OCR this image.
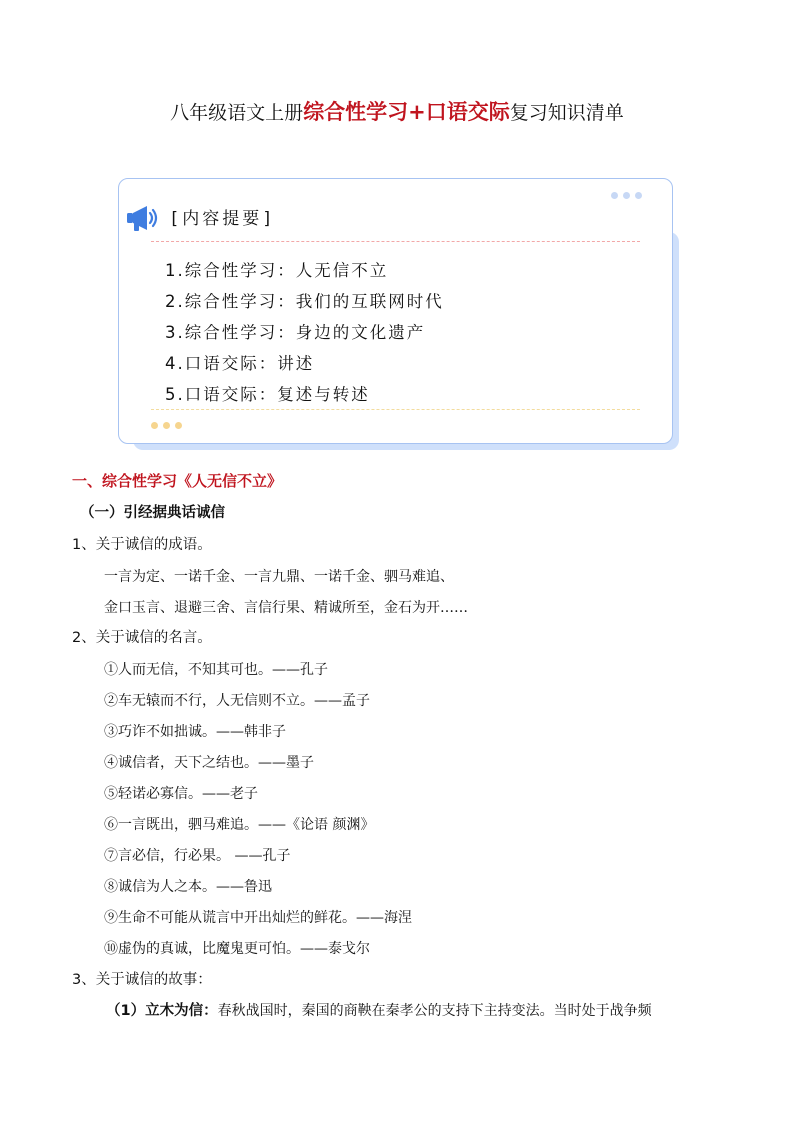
八年级语文上册综合性学习+口语交际复习知识清单
[内容提要]
1.综合性学习：人无信不立
2.综合性学习：我们的互联网时代
3.综合性学习：身边的文化遗产
4.口语交际：讲述
5.口语交际：复述与转述
一、综合性学习《人无信不立》
（一）引经据典话诚信
1、关于诚信的成语。
一言为定、一诺千金、一言九鼎、一诺千金、驷马难追、
金口玉言、退避三舍、言信行果、精诚所至，金石为开……
2、关于诚信的名言。
①人而无信，不知其可也。——孔子
②车无辕而不行，人无信则不立。——孟子
③巧诈不如拙诚。——韩非子
④诚信者，天下之结也。——墨子
⑤轻诺必寡信。——老子
⑥一言既出，驷马难追。——《论语 颜渊》
⑦言必信，行必果。 ——孔子
⑧诚信为人之本。——鲁迅
⑨生命不可能从谎言中开出灿烂的鲜花。——海涅
⑩虚伪的真诚，比魔鬼更可怕。——泰戈尔
3、关于诚信的故事：
（1）立木为信：春秋战国时，秦国的商鞅在秦孝公的支持下主持变法。当时处于战争频
